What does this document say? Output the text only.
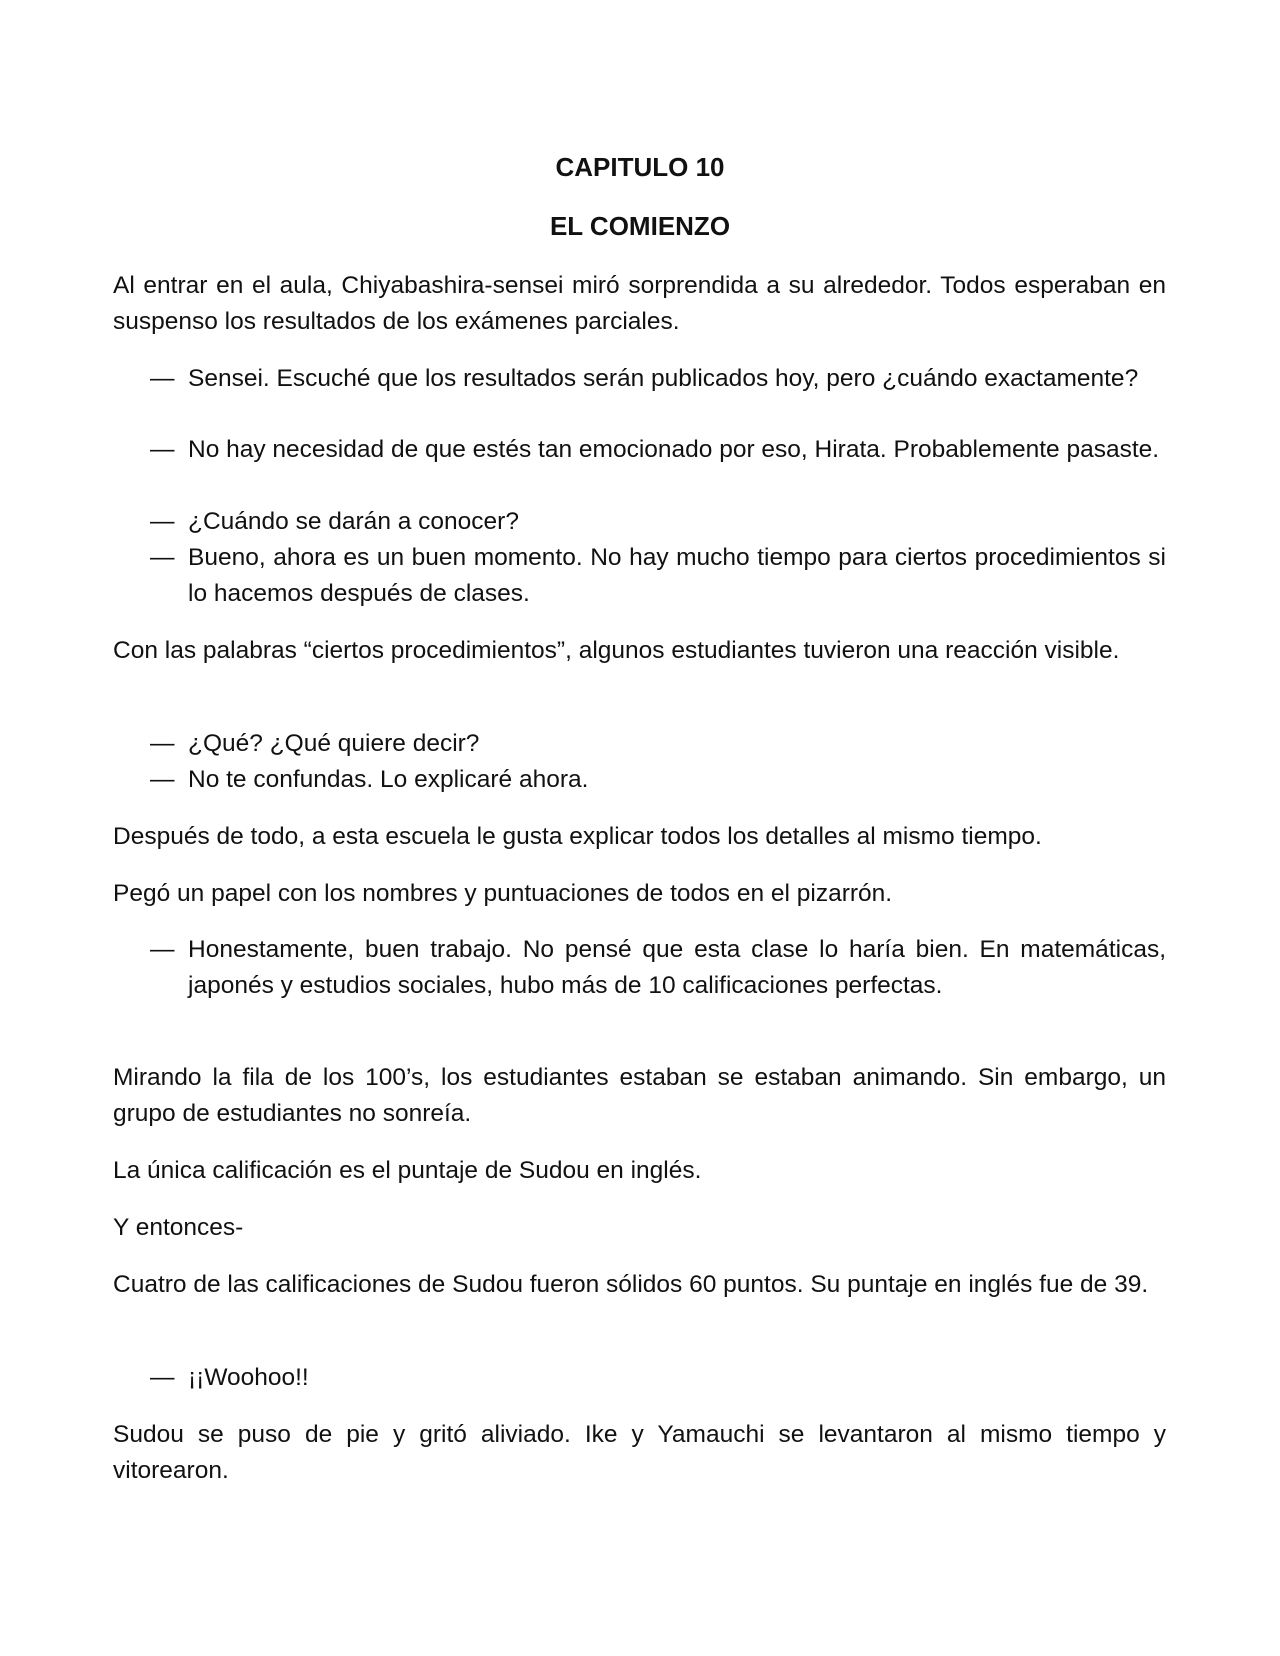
CAPITULO 10
EL COMIENZO

Al entrar en el aula, Chiyabashira-sensei miró sorprendida a su alrededor. Todos esperaban en suspenso los resultados de los exámenes parciales.

— Sensei. Escuché que los resultados serán publicados hoy, pero ¿cuándo exactamente?
— No hay necesidad de que estés tan emocionado por eso, Hirata. Probablemente pasaste.
— ¿Cuándo se darán a conocer?
— Bueno, ahora es un buen momento. No hay mucho tiempo para ciertos procedimientos si lo hacemos después de clases.

Con las palabras “ciertos procedimientos”, algunos estudiantes tuvieron una reacción visible.

— ¿Qué? ¿Qué quiere decir?
— No te confundas. Lo explicaré ahora.

Después de todo, a esta escuela le gusta explicar todos los detalles al mismo tiempo.

Pegó un papel con los nombres y puntuaciones de todos en el pizarrón.

— Honestamente, buen trabajo. No pensé que esta clase lo haría bien. En matemáticas, japonés y estudios sociales, hubo más de 10 calificaciones perfectas.

Mirando la fila de los 100’s, los estudiantes estaban se estaban animando. Sin embargo, un grupo de estudiantes no sonreía.

La única calificación es el puntaje de Sudou en inglés.

Y entonces-

Cuatro de las calificaciones de Sudou fueron sólidos 60 puntos. Su puntaje en inglés fue de 39.

— ¡¡Woohoo!!

Sudou se puso de pie y gritó aliviado. Ike y Yamauchi se levantaron al mismo tiempo y vitorearon.
